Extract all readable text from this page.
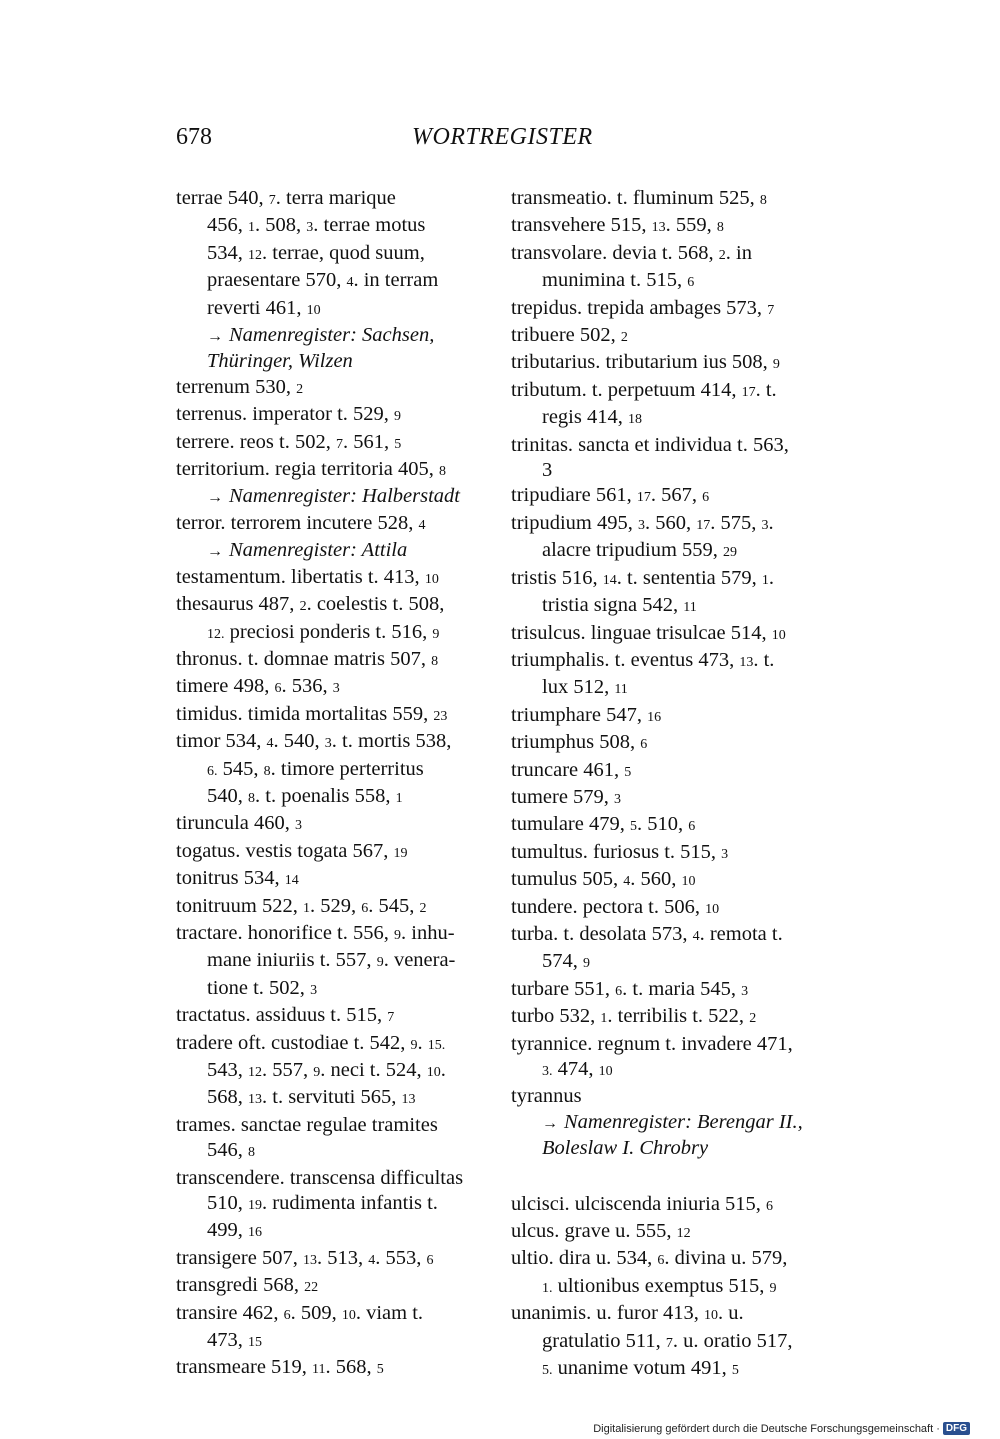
678	WORTREGISTER
terrae 540, 7. terra marique
456, 1. 508, 3. terrae motus
534, 12. terrae, quod suum,
praesentare 570, 4. in terram
reverti 461, 10
→ Namenregister: Sachsen,
Thüringer, Wilzen
terrenum 530, 2
terrenus. imperator t. 529, 9
terrere. reos t. 502, 7. 561, 5
territorium. regia territoria 405, 8
→ Namenregister: Halberstadt
terror. terrorem incutere 528, 4
→ Namenregister: Attila
testamentum. libertatis t. 413, 10
thesaurus 487, 2. coelestis t. 508,
12. preciosi ponderis t. 516, 9
thronus. t. domnae matris 507, 8
timere 498, 6. 536, 3
timidus. timida mortalitas 559, 23
timor 534, 4. 540, 3. t. mortis 538,
6. 545, 8. timore perterritus
540, 8. t. poenalis 558, 1
tiruncula 460, 3
togatus. vestis togata 567, 19
tonitrus 534, 14
tonitruum 522, 1. 529, 6. 545, 2
tractare. honorifice t. 556, 9. inhu-
mane iniuriis t. 557, 9. venera-
tione t. 502, 3
tractatus. assiduus t. 515, 7
tradere oft. custodiae t. 542, 9. 15.
543, 12. 557, 9. neci t. 524, 10.
568, 13. t. servituti 565, 13
trames. sanctae regulae tramites
546, 8
transcendere. transcensa difficultas
510, 19. rudimenta infantis t.
499, 16
transigere 507, 13. 513, 4. 553, 6
transgredi 568, 22
transire 462, 6. 509, 10. viam t.
473, 15
transmeare 519, 11. 568, 5
transmeatio. t. fluminum 525, 8
transvehere 515, 13. 559, 8
transvolare. devia t. 568, 2. in
munimina t. 515, 6
trepidus. trepida ambages 573, 7
tribuere 502, 2
tributarius. tributarium ius 508, 9
tributum. t. perpetuum 414, 17. t.
regis 414, 18
trinitas. sancta et individua t. 563,
3
tripudiare 561, 17. 567, 6
tripudium 495, 3. 560, 17. 575, 3.
alacre tripudium 559, 29
tristis 516, 14. t. sententia 579, 1.
tristia signa 542, 11
trisulcus. linguae trisulcae 514, 10
triumphalis. t. eventus 473, 13. t.
lux 512, 11
triumphare 547, 16
triumphus 508, 6
truncare 461, 5
tumere 579, 3
tumulare 479, 5. 510, 6
tumultus. furiosus t. 515, 3
tumulus 505, 4. 560, 10
tundere. pectora t. 506, 10
turba. t. desolata 573, 4. remota t.
574, 9
turbare 551, 6. t. maria 545, 3
turbo 532, 1. terribilis t. 522, 2
tyrannice. regnum t. invadere 471,
3. 474, 10
tyrannus
→ Namenregister: Berengar II.,
Boleslaw I. Chrobry
ulcisci. ulciscenda iniuria 515, 6
ulcus. grave u. 555, 12
ultio. dira u. 534, 6. divina u. 579,
1. ultionibus exemptus 515, 9
unanimis. u. furor 413, 10. u.
gratulatio 511, 7. u. oratio 517,
5. unanime votum 491, 5
Digitalisierung gefördert durch die Deutsche Forschungsgemeinschaft · DFG
